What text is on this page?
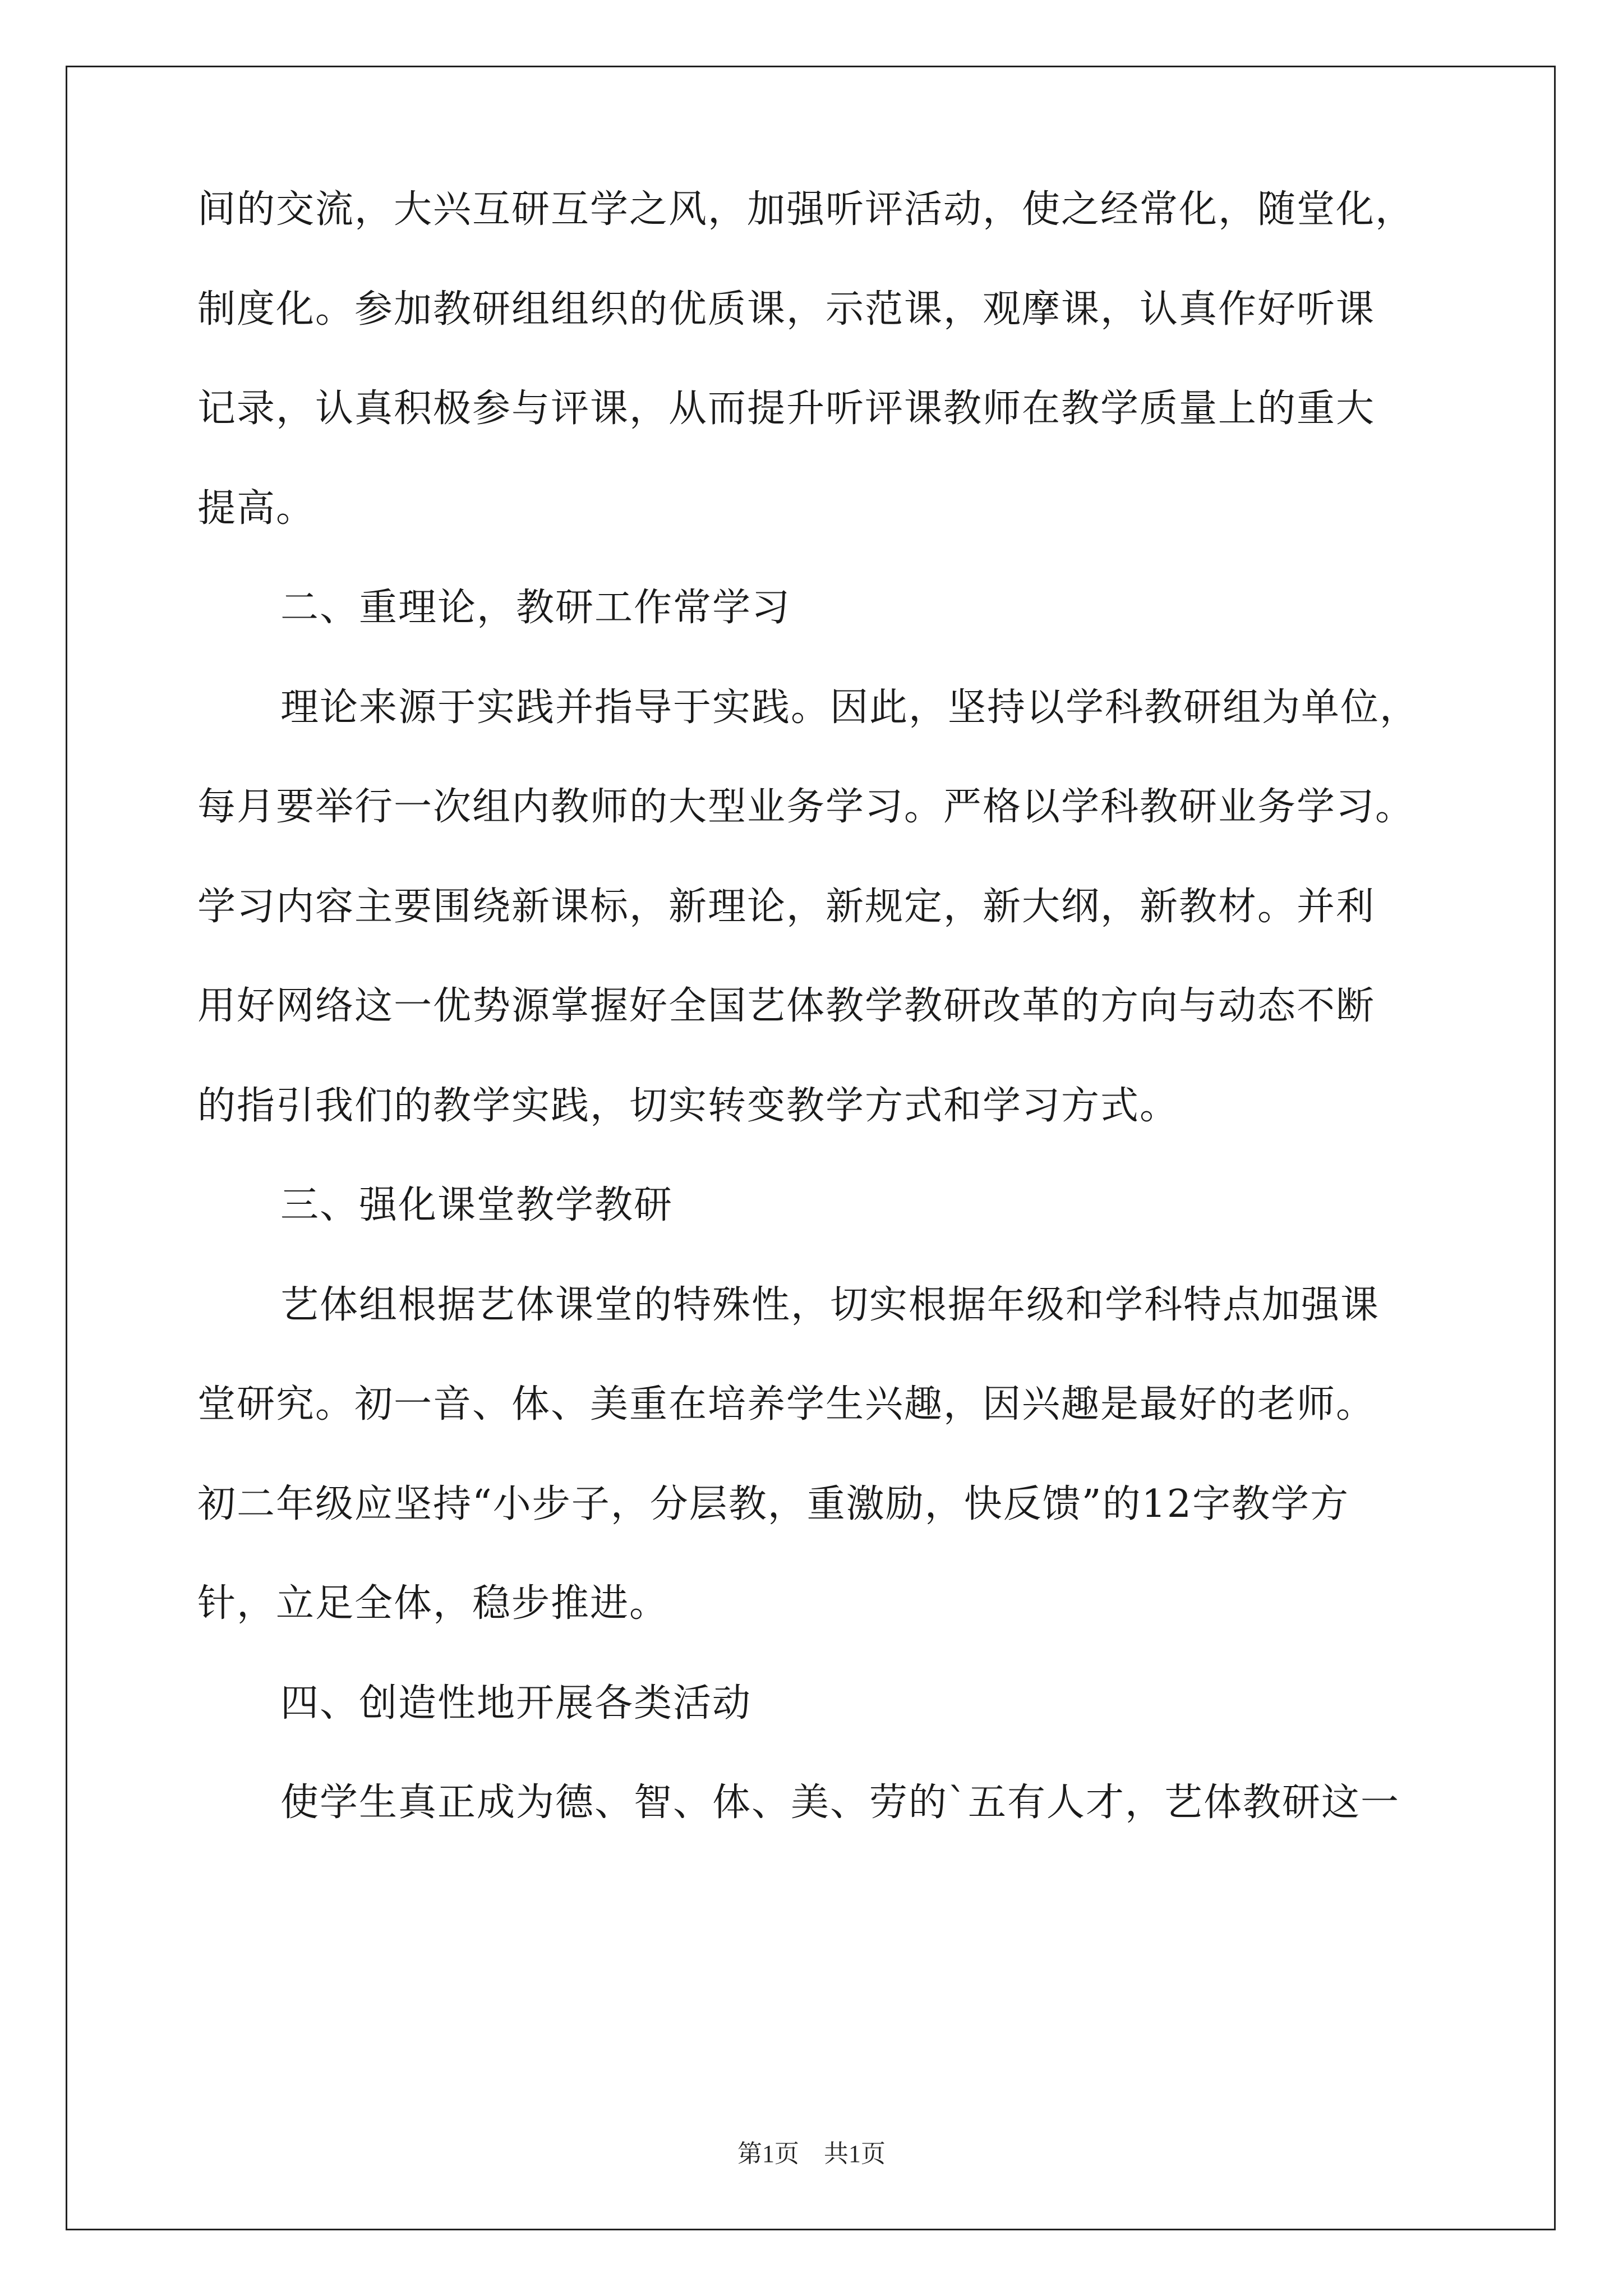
间的交流，大兴互研互学之风，加强听评活动，使之经常化，随堂化，
制度化。参加教研组组织的优质课，示范课，观摩课，认真作好听课
记录，认真积极参与评课，从而提升听评课教师在教学质量上的重大
提高。
二、重理论，教研工作常学习
理论来源于实践并指导于实践。因此，坚持以学科教研组为单位，
每月要举行一次组内教师的大型业务学习。严格以学科教研业务学习。
学习内容主要围绕新课标，新理论，新规定，新大纲，新教材。并利
用好网络这一优势源掌握好全国艺体教学教研改革的方向与动态不断
的指引我们的教学实践，切实转变教学方式和学习方式。
三、强化课堂教学教研
艺体组根据艺体课堂的特殊性，切实根据年级和学科特点加强课
堂研究。初一音、体、美重在培养学生兴趣，因兴趣是最好的老师。
初二年级应坚持“小步子，分层教，重激励，快反馈”的12字教学方
针，立足全体，稳步推进。
四、创造性地开展各类活动
使学生真正成为德、智、体、美、劳的`五有人才，艺体教研这一
第1页　共1页
